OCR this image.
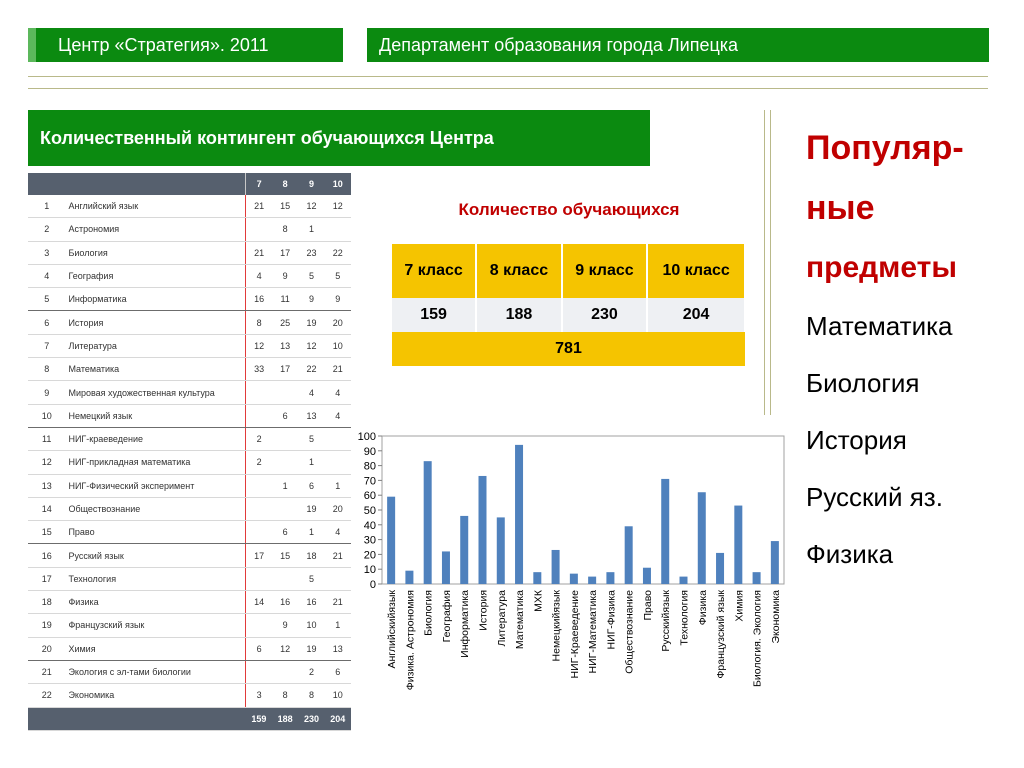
Центр «Стратегия». 2011	Департамент образования города Липецка
Количественный контингент обучающихся Центра
		7	8	9	10
1	Английский язык	21	15	12	12
2	Астрономия		8	1	
3	Биология	21	17	23	22
4	География	4	9	5	5
5	Информатика	16	11	9	9
6	История	8	25	19	20
7	Литература	12	13	12	10
8	Математика	33	17	22	21
9	Мировая художественная культура			4	4
10	Немецкий язык		6	13	4
11	НИГ-краеведение	2		5	
12	НИГ-прикладная математика	2		1	
13	НИГ-Физический эксперимент		1	6	1
14	Обществознание			19	20
15	Право		6	1	4
16	Русский язык	17	15	18	21
17	Технология			5	
18	Физика	14	16	16	21
19	Французский язык		9	10	1
20	Химия	6	12	19	13
21	Экология с эл-тами биологии			2	6
22	Экономика	3	8	8	10
		159	188	230	204
Количество обучающихся
7 класс	8 класс	9 класс	10 класс
159	188	230	204
781			
Популяр-
ные
предметы
Математика
Биология
История
Русский яз.
Физика
0
10
20
30
40
50
60
70
80
90
100
Английскийязык Физика. Астрономия Биология География Информатика История Литература Математика МХК Немецкийязык НИГ-Краеведение НИГ-Математика НИГ-Физика Обществознание Право Русскийязык Технология Физика Французский язык Химия Биология. Экология Экономика
